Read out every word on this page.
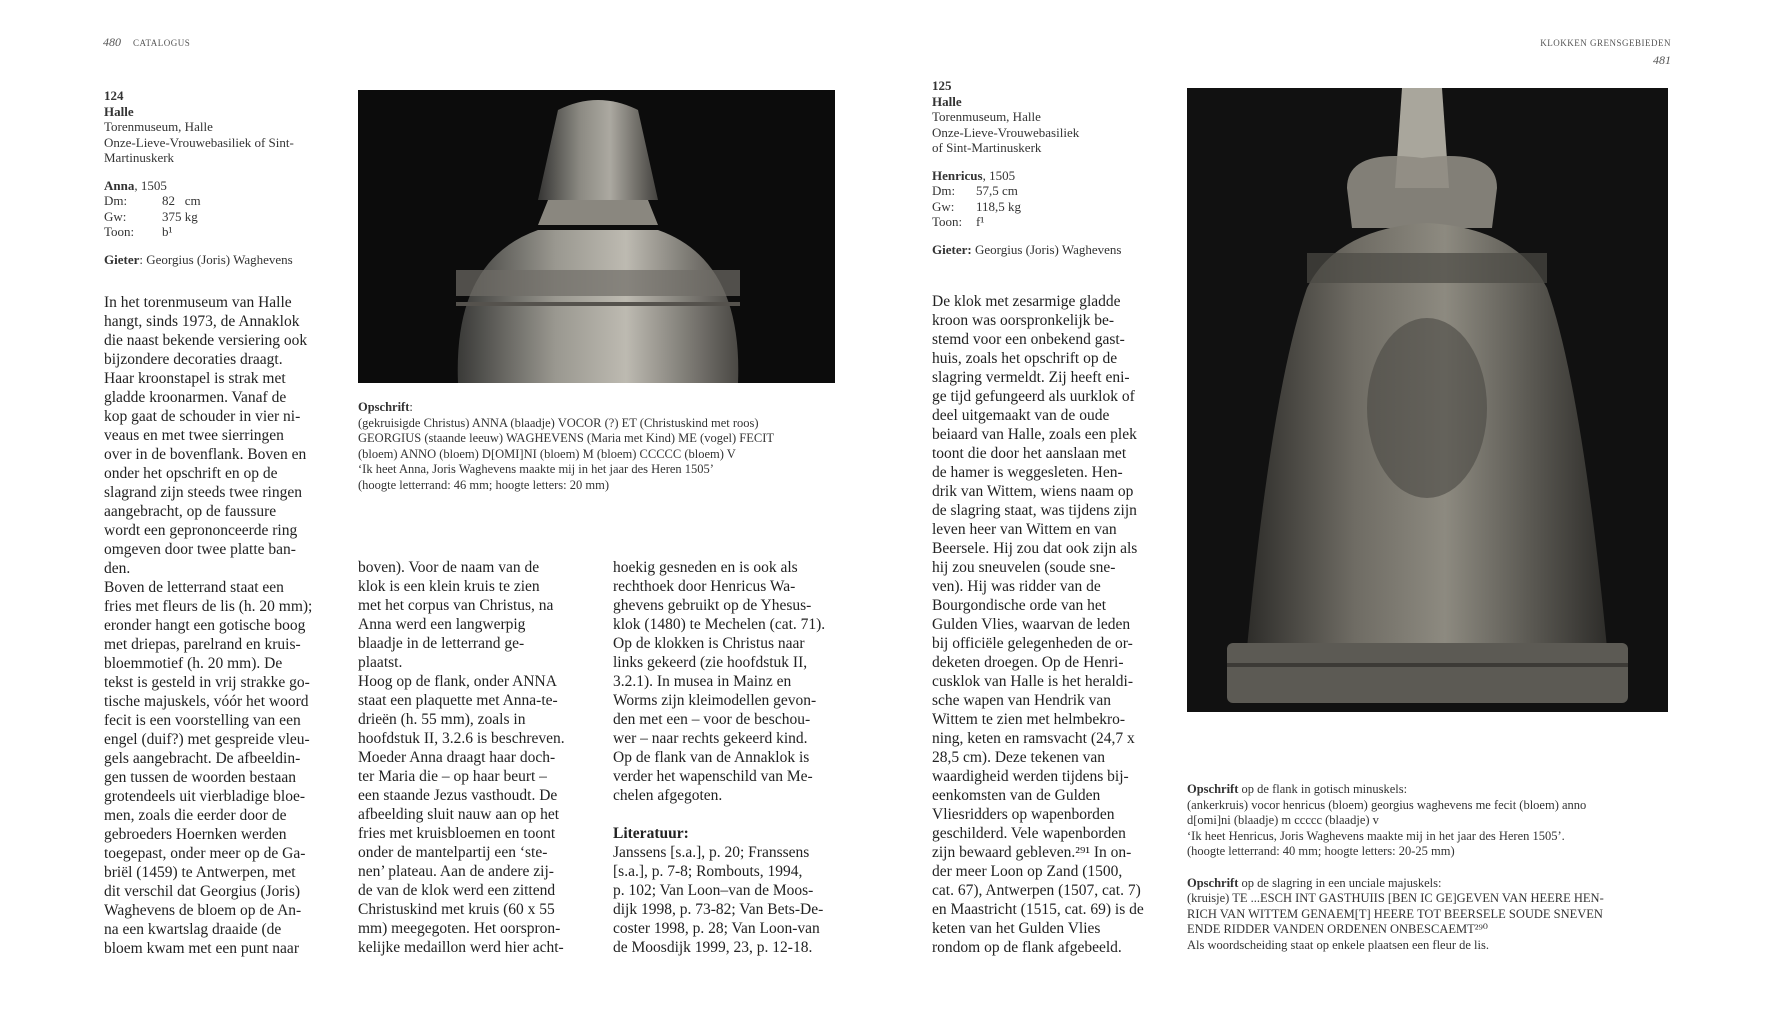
480 CATALOGUS
124
Halle
Torenmuseum, Halle
Onze-Lieve-Vrouwebasiliek of Sint-
Martinuskerk
Anna, 1505
Dm:	82   cm
Gw:	375 kg
Toon:	b¹
Gieter: Georgius (Joris) Waghevens
Opschrift:
(gekruisigde Christus) ANNA (blaadje) VOCOR (?) ET (Christuskind met roos)
GEORGIUS (staande leeuw) WAGHEVENS (Maria met Kind) ME (vogel) FECIT
(bloem) ANNO (bloem) D[OMI]NI (bloem) M (bloem) CCCCC (bloem) V
‘Ik heet Anna, Joris Waghevens maakte mij in het jaar des Heren 1505’
(hoogte letterrand: 46 mm; hoogte letters: 20 mm)
In het torenmuseum van Halle
hangt, sinds 1973, de Annaklok
die naast bekende versiering ook
bijzondere decoraties draagt.
Haar kroonstapel is strak met
gladde kroonarmen. Vanaf de
kop gaat de schouder in vier ni-
veaus en met twee sierringen
over in de bovenflank. Boven en
onder het opschrift en op de
slagrand zijn steeds twee ringen
aangebracht, op de faussure
wordt een geprononceerde ring
omgeven door twee platte ban-
den.
Boven de letterrand staat een
fries met fleurs de lis (h. 20 mm);
eronder hangt een gotische boog
met driepas, parelrand en kruis-
bloemmotief (h. 20 mm). De
tekst is gesteld in vrij strakke go-
tische majuskels, vóór het woord
fecit is een voorstelling van een
engel (duif?) met gespreide vleu-
gels aangebracht. De afbeeldin-
gen tussen de woorden bestaan
grotendeels uit vierbladige bloe-
men, zoals die eerder door de
gebroeders Hoernken werden
toegepast, onder meer op de Ga-
briël (1459) te Antwerpen, met
dit verschil dat Georgius (Joris)
Waghevens de bloem op de An-
na een kwartslag draaide (de
bloem kwam met een punt naar
boven). Voor de naam van de
klok is een klein kruis te zien
met het corpus van Christus, na
Anna werd een langwerpig
blaadje in de letterrand ge-
plaatst.
Hoog op de flank, onder ANNA
staat een plaquette met Anna-te-
drieën (h. 55 mm), zoals in
hoofdstuk II, 3.2.6 is beschreven.
Moeder Anna draagt haar doch-
ter Maria die – op haar beurt –
een staande Jezus vasthoudt. De
afbeelding sluit nauw aan op het
fries met kruisbloemen en toont
onder de mantelpartij een ‘ste-
nen’ plateau. Aan de andere zij-
de van de klok werd een zittend
Christuskind met kruis (60 x 55
mm) meegegoten. Het oorspron-
kelijke medaillon werd hier acht-
hoekig gesneden en is ook als
rechthoek door Henricus Wa-
ghevens gebruikt op de Yhesus-
klok (1480) te Mechelen (cat. 71).
Op de klokken is Christus naar
links gekeerd (zie hoofdstuk II,
3.2.1). In musea in Mainz en
Worms zijn kleimodellen gevon-
den met een – voor de beschou-
wer – naar rechts gekeerd kind.
Op de flank van de Annaklok is
verder het wapenschild van Me-
chelen afgegoten.
Literatuur:
Janssens [s.a.], p. 20; Franssens
[s.a.], p. 7-8; Rombouts, 1994,
p. 102; Van Loon–van de Moos-
dijk 1998, p. 73-82; Van Bets-De-
coster 1998, p. 28; Van Loon-van
de Moosdijk 1999, 23, p. 12-18.
KLOKKEN GRENSGEBIEDEN 481
125
Halle
Torenmuseum, Halle
Onze-Lieve-Vrouwebasiliek
of Sint-Martinuskerk
Henricus, 1505
Dm:	57,5 cm
Gw:	118,5 kg
Toon:	f¹
Gieter: Georgius (Joris) Waghevens
De klok met zesarmige gladde
kroon was oorspronkelijk be-
stemd voor een onbekend gast-
huis, zoals het opschrift op de
slagring vermeldt. Zij heeft eni-
ge tijd gefungeerd als uurklok of
deel uitgemaakt van de oude
beiaard van Halle, zoals een plek
toont die door het aanslaan met
de hamer is weggesleten. Hen-
drik van Wittem, wiens naam op
de slagring staat, was tijdens zijn
leven heer van Wittem en van
Beersele. Hij zou dat ook zijn als
hij zou sneuvelen (soude sne-
ven). Hij was ridder van de
Bourgondische orde van het
Gulden Vlies, waarvan de leden
bij officiële gelegenheden de or-
deketen droegen. Op de Henri-
cusklok van Halle is het heraldi-
sche wapen van Hendrik van
Wittem te zien met helmbekro-
ning, keten en ramsvacht (24,7 x
28,5 cm). Deze tekenen van
waardigheid werden tijdens bij-
eenkomsten van de Gulden
Vliesridders op wapenborden
geschilderd. Vele wapenborden
zijn bewaard gebleven.²⁹¹ In on-
der meer Loon op Zand (1500,
cat. 67), Antwerpen (1507, cat. 7)
en Maastricht (1515, cat. 69) is de
keten van het Gulden Vlies
rondom op de flank afgebeeld.
Opschrift op de flank in gotisch minuskels:
(ankerkruis) vocor henricus (bloem) georgius waghevens me fecit (bloem) anno
d[omi]ni (blaadje) m ccccc (blaadje) v
‘Ik heet Henricus, Joris Waghevens maakte mij in het jaar des Heren 1505’.
(hoogte letterrand: 40 mm; hoogte letters: 20-25 mm)
Opschrift op de slagring in een unciale majuskels:
(kruisje) TE ...ESCH INT GASTHUIIS [BEN IC GE]GEVEN VAN HEERE HEN-
RICH VAN WITTEM GENAEM[T] HEERE TOT BEERSELE SOUDE SNEVEN
ENDE RIDDER VANDEN ORDENEN ONBESCAEMT²⁹⁰
Als woordscheiding staat op enkele plaatsen een fleur de lis.
